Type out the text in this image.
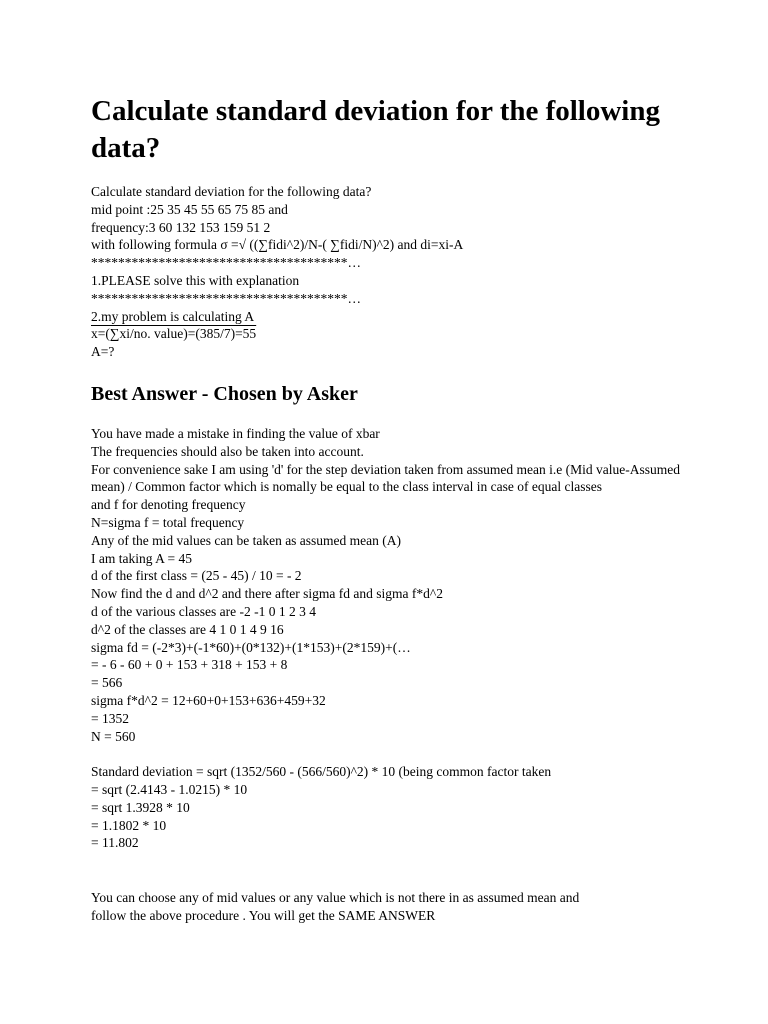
Calculate standard deviation for the following data?
Calculate standard deviation for the following data?
mid point :25 35 45 55 65 75 85 and
frequency:3 60 132 153 159 51 2
with following formula σ =√ ((∑fidi^2)/N-( ∑fidi/N)^2) and di=xi-A
**************************************…
1.PLEASE solve this with explanation
**************************************…
2.my problem is calculating A
x=(∑xi/no. value)=(385/7)=55
A=?
Best Answer - Chosen by Asker
You have made a mistake in finding the value of xbar
The frequencies should also be taken into account.
For convenience sake I am using 'd' for the step deviation taken from assumed mean i.e (Mid value-Assumed mean) / Common factor which is nomally be equal to the class interval in case of equal classes
and f for denoting frequency
N=sigma f = total frequency
Any of the mid values can be taken as assumed mean (A)
I am taking A = 45
d of the first class = (25 - 45) / 10 = - 2
Now find the d and d^2 and there after sigma fd and sigma f*d^2
d of the various classes are -2 -1 0 1 2 3 4
d^2 of the classes are 4 1 0 1 4 9 16
sigma fd = (-2*3)+(-1*60)+(0*132)+(1*153)+(2*159)+(…
= - 6 - 60 + 0 + 153 + 318 + 153 + 8
= 566
sigma f*d^2 = 12+60+0+153+636+459+32
= 1352
N = 560
Standard deviation = sqrt (1352/560 - (566/560)^2) * 10 (being common factor taken
= sqrt (2.4143 - 1.0215) * 10
= sqrt 1.3928 * 10
= 1.1802 * 10
= 11.802
You can choose any of mid values or any value which is not there in as assumed mean and
follow the above procedure . You will get the SAME ANSWER
